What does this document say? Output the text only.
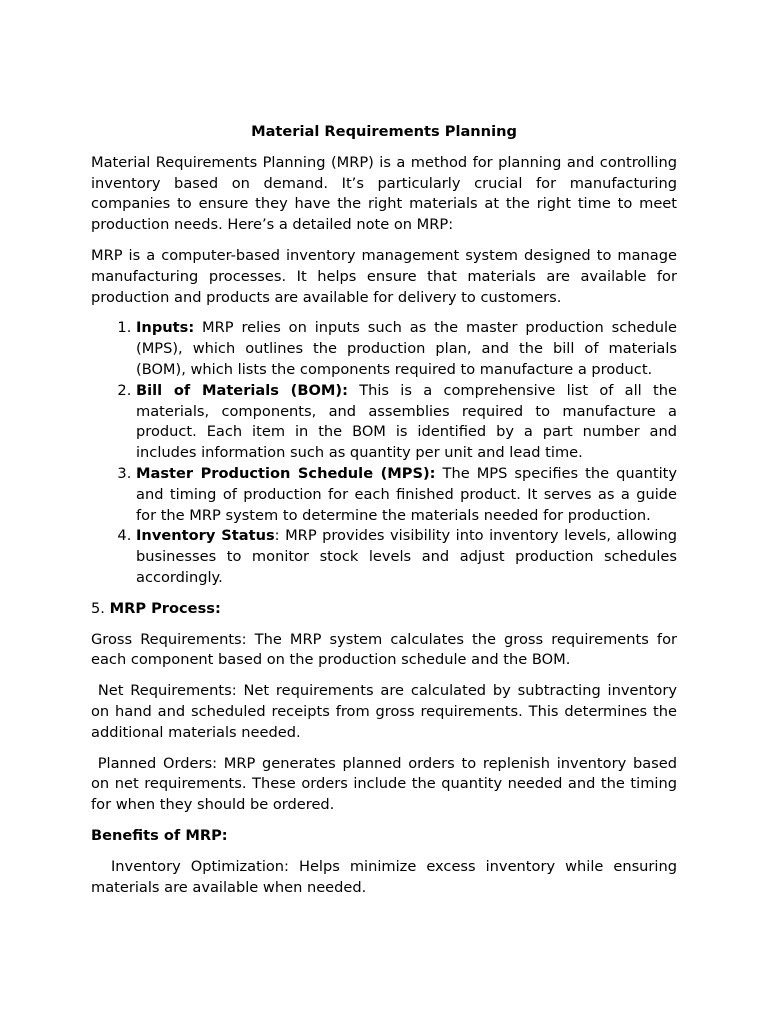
Material Requirements Planning

Material Requirements Planning (MRP) is a method for planning and controlling inventory based on demand. It’s particularly crucial for manufacturing companies to ensure they have the right materials at the right time to meet production needs. Here’s a detailed note on MRP:

MRP is a computer-based inventory management system designed to manage manufacturing processes. It helps ensure that materials are available for production and products are available for delivery to customers.

1. Inputs: MRP relies on inputs such as the master production schedule (MPS), which outlines the production plan, and the bill of materials (BOM), which lists the components required to manufacture a product.
2. Bill of Materials (BOM): This is a comprehensive list of all the materials, components, and assemblies required to manufacture a product. Each item in the BOM is identified by a part number and includes information such as quantity per unit and lead time.
3. Master Production Schedule (MPS): The MPS specifies the quantity and timing of production for each finished product. It serves as a guide for the MRP system to determine the materials needed for production.
4. Inventory Status: MRP provides visibility into inventory levels, allowing businesses to monitor stock levels and adjust production schedules accordingly.
5. MRP Process:

Gross Requirements: The MRP system calculates the gross requirements for each component based on the production schedule and the BOM.

Net Requirements: Net requirements are calculated by subtracting inventory on hand and scheduled receipts from gross requirements. This determines the additional materials needed.

Planned Orders: MRP generates planned orders to replenish inventory based on net requirements. These orders include the quantity needed and the timing for when they should be ordered.

Benefits of MRP:

Inventory Optimization: Helps minimize excess inventory while ensuring materials are available when needed.
